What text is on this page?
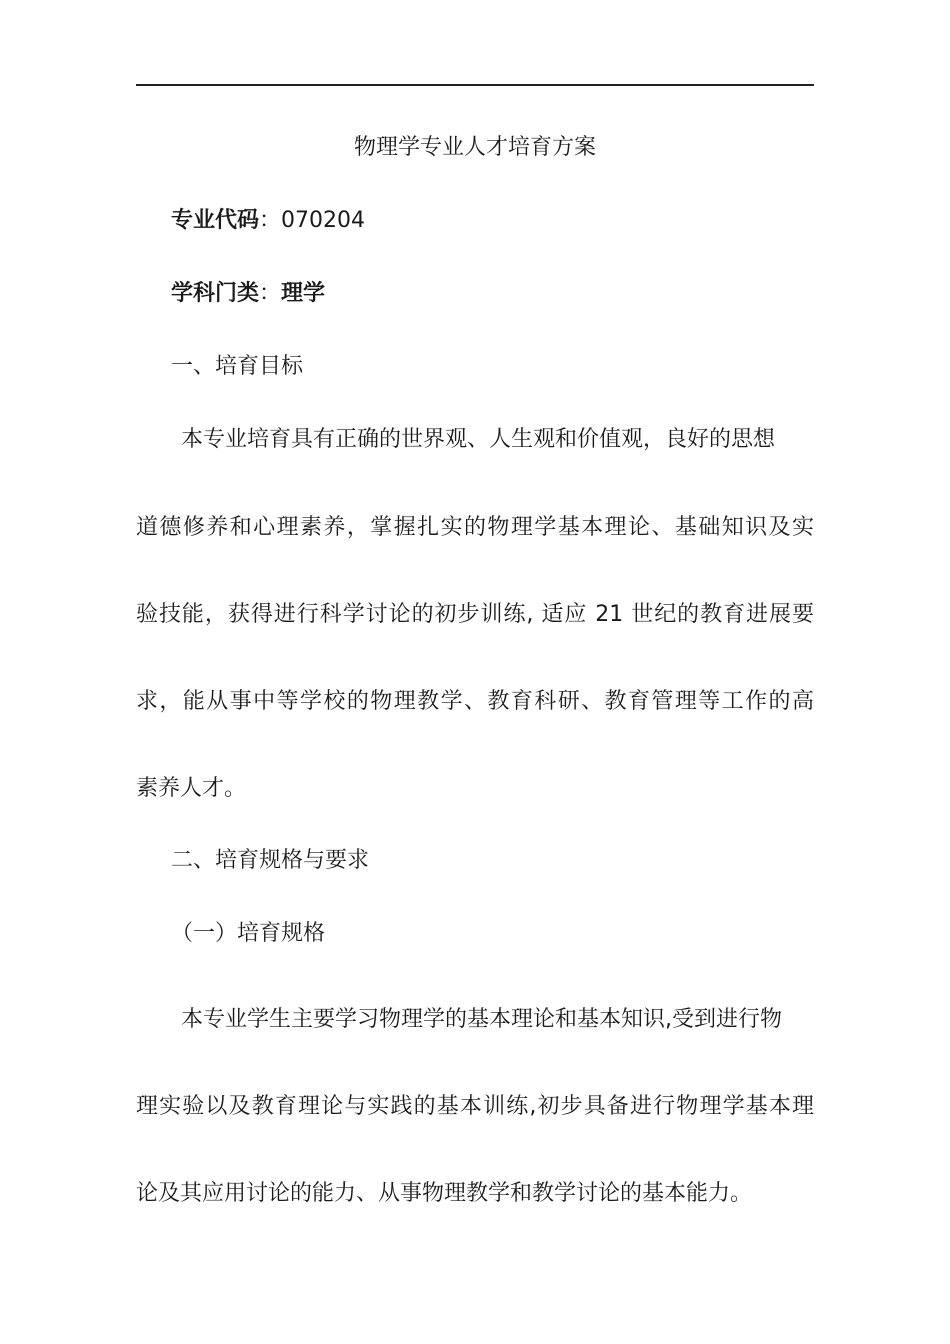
物理学专业人才培育方案
专业代码：070204
学科门类：理学
一、培育目标
本专业培育具有正确的世界观、人生观和价值观，良好的思想
道德修养和心理素养，掌握扎实的物理学基本理论、基础知识及实
验技能，获得进行科学讨论的初步训练, 适应 21 世纪的教育进展要
求，能从事中等学校的物理教学、教育科研、教育管理等工作的高
素养人才。
二、培育规格与要求
（一）培育规格
本专业学生主要学习物理学的基本理论和基本知识,受到进行物
理实验以及教育理论与实践的基本训练,初步具备进行物理学基本理
论及其应用讨论的能力、从事物理教学和教学讨论的基本能力。
